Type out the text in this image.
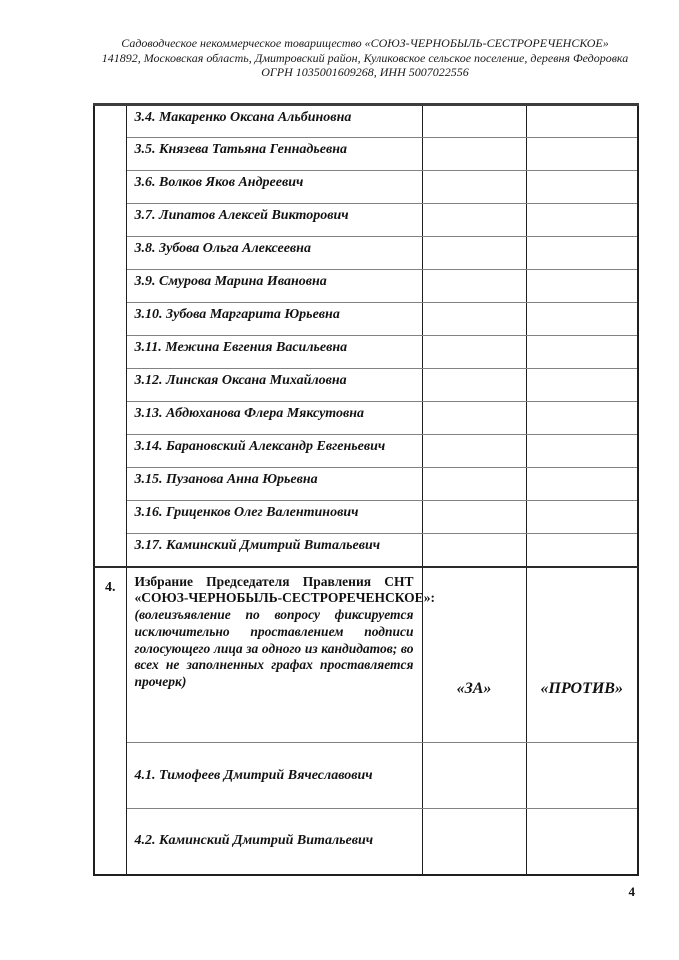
Садоводческое некоммерческое товарищество «СОЮЗ-ЧЕРНОБЫЛЬ-СЕСТРОРЕЧЕНСКОЕ»
141892, Московская область, Дмитровский район, Куликовское сельское поселение, деревня Федоровка
ОГРН 1035001609268, ИНН 5007022556
	3.4. Макаренко Оксана Альбиновна		
	3.5. Князева Татьяна Геннадьевна		
	3.6. Волков Яков Андреевич		
	3.7. Липатов Алексей Викторович		
	3.8. Зубова Ольга Алексеевна		
	3.9. Смурова Марина Ивановна		
	3.10. Зубова Маргарита Юрьевна		
	3.11. Межина Евгения Васильевна		
	3.12. Линская Оксана Михайловна		
	3.13. Абдюханова Флера Мяксутовна		
	3.14. Барановский Александр Евгеньевич		
	3.15. Пузанова Анна Юрьевна		
	3.16. Гриценков Олег Валентинович		
	3.17. Каминский Дмитрий Витальевич		
4.	Избрание Председателя Правления СНТ «СОЮЗ-ЧЕРНОБЫЛЬ-СЕСТРОРЕЧЕНСКОЕ»: (волеизъявление по вопросу фиксируется исключительно проставлением подписи голосующего лица за одного из кандидатов; во всех не заполненных графах проставляется прочерк)	«ЗА»	«ПРОТИВ»
	4.1. Тимофеев Дмитрий Вячеславович		
	4.2. Каминский Дмитрий Витальевич		
4
